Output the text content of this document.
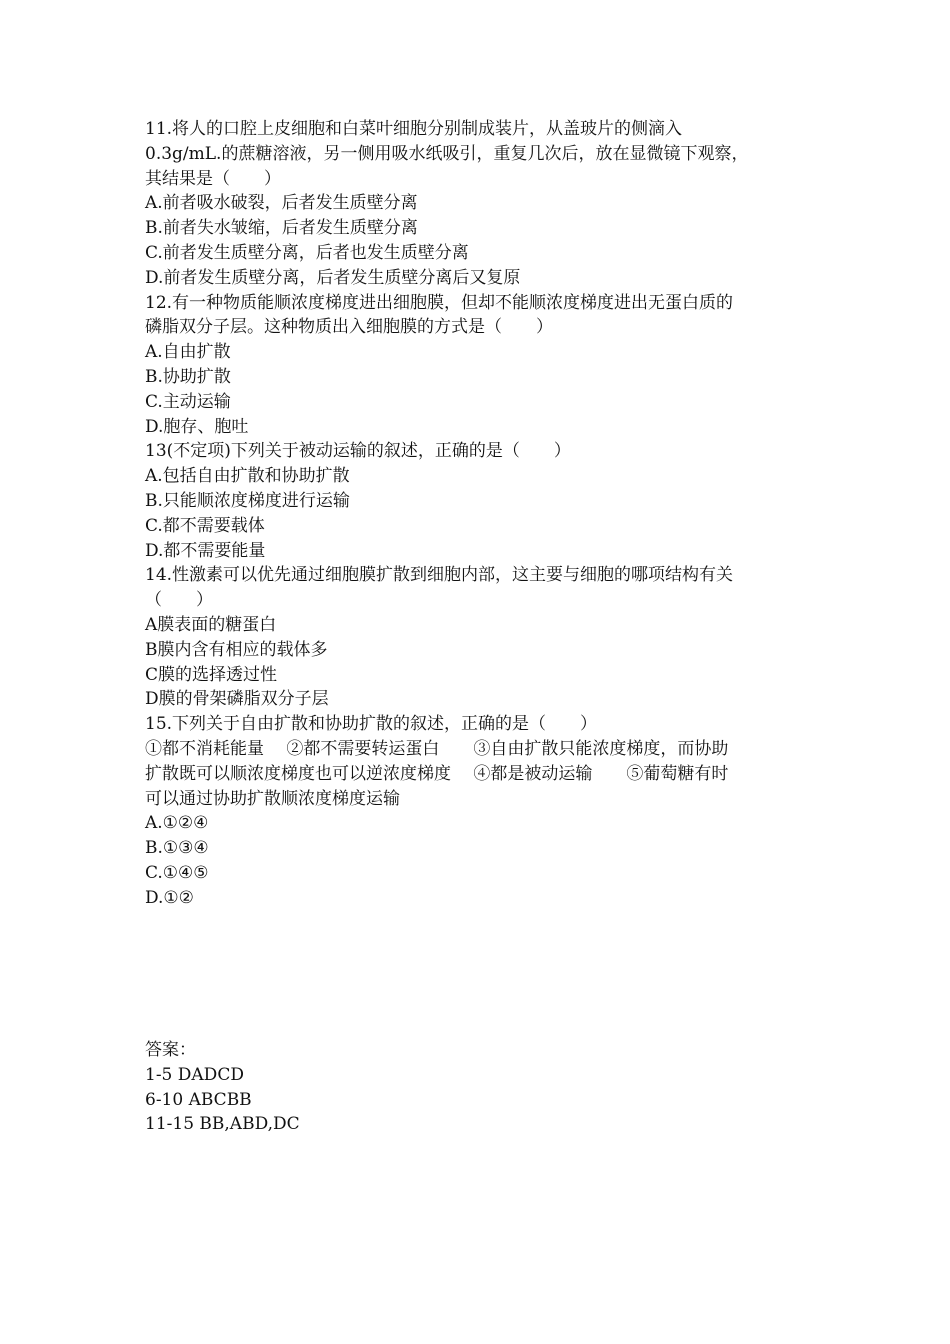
11.将人的口腔上皮细胞和白菜叶细胞分别制成装片，从盖玻片的侧滴入
0.3g/mL.的蔗糖溶液，另一侧用吸水纸吸引，重复几次后，放在显微镜下观察，
其结果是（　　）
A.前者吸水破裂，后者发生质壁分离
B.前者失水皱缩，后者发生质壁分离
C.前者发生质壁分离，后者也发生质壁分离
D.前者发生质壁分离，后者发生质壁分离后又复原
12.有一种物质能顺浓度梯度进出细胞膜，但却不能顺浓度梯度进出无蛋白质的
磷脂双分子层。这种物质出入细胞膜的方式是（　　）
A.自由扩散
B.协助扩散
C.主动运输
D.胞存、胞吐
13(不定项)下列关于被动运输的叙述，正确的是（　　）
A.包括自由扩散和协助扩散
B.只能顺浓度梯度进行运输
C.都不需要载体
D.都不需要能量
14.性激素可以优先通过细胞膜扩散到细胞内部，这主要与细胞的哪项结构有关
（　　）
A膜表面的糖蛋白
B膜内含有相应的载体多
C膜的选择透过性
D膜的骨架磷脂双分子层
15.下列关于自由扩散和协助扩散的叙述，正确的是（　　）
①都不消耗能量　 ②都不需要转运蛋白　　③自由扩散只能浓度梯度，而协助
扩散既可以顺浓度梯度也可以逆浓度梯度　 ④都是被动运输　　⑤葡萄糖有时
可以通过协助扩散顺浓度梯度运输
A.①②④
B.①③④
C.①④⑤
D.①②
答案：
1-5 DADCD
6-10 ABCBB
11-15 BB,ABD,DC
